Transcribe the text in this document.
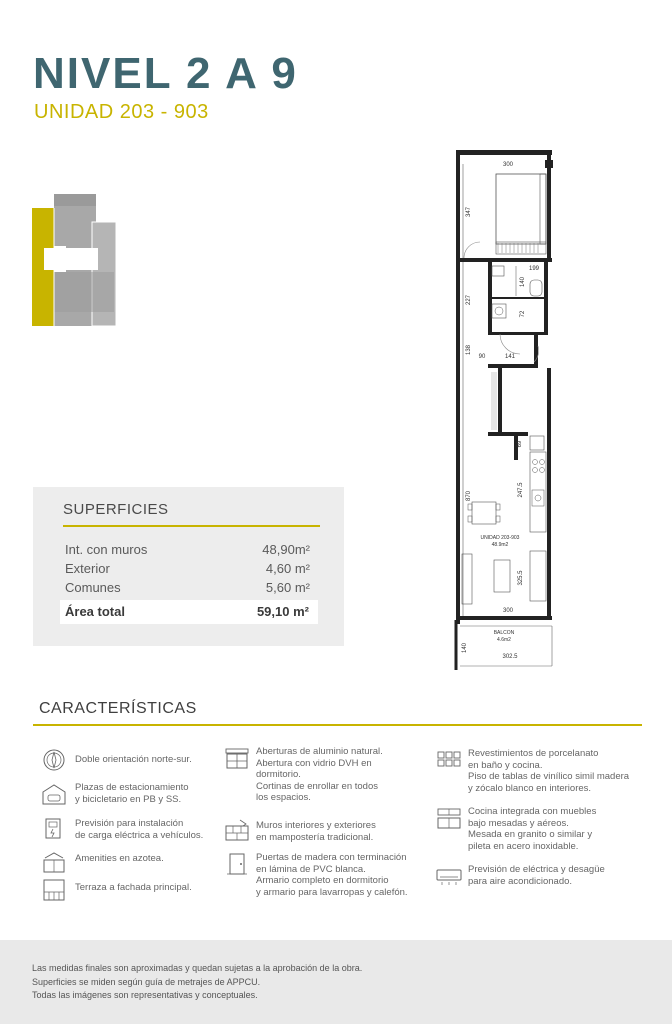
NIVEL 2 A 9
UNIDAD 203 - 903
300
347
199
140
227
72
138
90	141
69
870	247.5
325.5
300
302.5
140
UNIDAD 203-903
48.9m2
BALCON
4.6m2
SUPERFICIES
Int. con muros	48,90m²
Exterior	4,60 m²
Comunes	5,60 m²
Área total	59,10 m²
CARACTERÍSTICAS
Doble orientación norte-sur.
Plazas de estacionamiento
y bicicletario en PB y SS.
Previsión para instalación
de carga eléctrica a vehículos.
Amenities en azotea.
Terraza a fachada principal.
Aberturas de aluminio natural.
Abertura con vidrio DVH en
dormitorio.
Cortinas de enrollar en todos
los espacios.
Muros interiores y exteriores
en mampostería tradicional.
Puertas de madera con terminación
en lámina de PVC blanca.
Armario completo en dormitorio
y armario para lavarropas y calefón.
Revestimientos de porcelanato
en baño y cocina.
Piso de tablas de vinílico simil madera
y zócalo blanco en interiores.
Cocina integrada con muebles
bajo mesadas y aéreos.
Mesada en granito o similar y
pileta en acero inoxidable.
Previsión de eléctrica y desagüe
para aire acondicionado.
Las medidas finales son aproximadas y quedan sujetas a la aprobación de la obra.
Superficies se miden según guía de metrajes de APPCU.
Todas las imágenes son representativas y conceptuales.
